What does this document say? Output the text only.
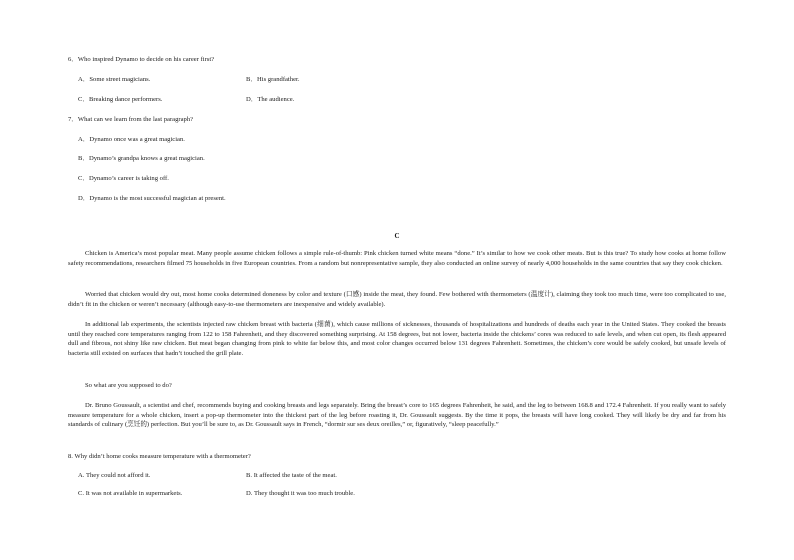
6．Who inspired Dynamo to decide on his career first?
A．Some street magicians.	B．His grandfather.
C．Breaking dance performers.	D．The audience.
7．What can we learn from the last paragraph?
A．Dynamo once was a great magician.
B．Dynamo’s grandpa knows a great magician.
C．Dynamo’s career is taking off.
D．Dynamo is the most successful magician at present.
C
Chicken is America’s most popular meat. Many people assume chicken follows a simple rule-of-thumb: Pink chicken turned white means “done.” It’s similar to how we cook other meats. But is this true? To study how cooks at home follow safety recommendations, researchers filmed 75 households in five European countries. From a random but nonrepresentative sample, they also conducted an online survey of nearly 4,000 households in the same countries that say they cook chicken.
Worried that chicken would dry out, most home cooks determined doneness by color and texture (口感) inside the meat, they found. Few bothered with thermometers (温度计), claiming they took too much time, were too complicated to use, didn’t fit in the chicken or weren’t necessary (although easy-to-use thermometers are inexpensive and widely available).
In additional lab experiments, the scientists injected raw chicken breast with bacteria (细菌), which cause millions of sicknesses, thousands of hospitalizations and hundreds of deaths each year in the United States. They cooked the breasts until they reached core temperatures ranging from 122 to 158 Fahrenheit, and they discovered something surprising. At 158 degrees, but not lower, bacteria inside the chickens’ cores was reduced to safe levels, and when cut open, its flesh appeared dull and fibrous, not shiny like raw chicken. But meat began changing from pink to white far below this, and most color changes occurred below 131 degrees Fahrenheit. Sometimes, the chicken’s core would be safely cooked, but unsafe levels of bacteria still existed on surfaces that hadn’t touched the grill plate.
So what are you supposed to do?
Dr. Bruno Goussault, a scientist and chef, recommends buying and cooking breasts and legs separately. Bring the breast’s core to 165 degrees Fahrenheit, he said, and the leg to between 168.8 and 172.4 Fahrenheit. If you really want to safely measure temperature for a whole chicken, insert a pop-up thermometer into the thickest part of the leg before roasting it, Dr. Goussault suggests. By the time it pops, the breasts will have long cooked. They will likely be dry and far from his standards of culinary (烹饪的) perfection. But you’ll be sure to, as Dr. Goussault says in French, “dormir sur ses deux oreilles,” or, figuratively, “sleep peacefully.”
8. Why didn’t home cooks measure temperature with a thermometer?
A. They could not afford it.	B. It affected the taste of the meat.
C. It was not available in supermarkets.	D. They thought it was too much trouble.
